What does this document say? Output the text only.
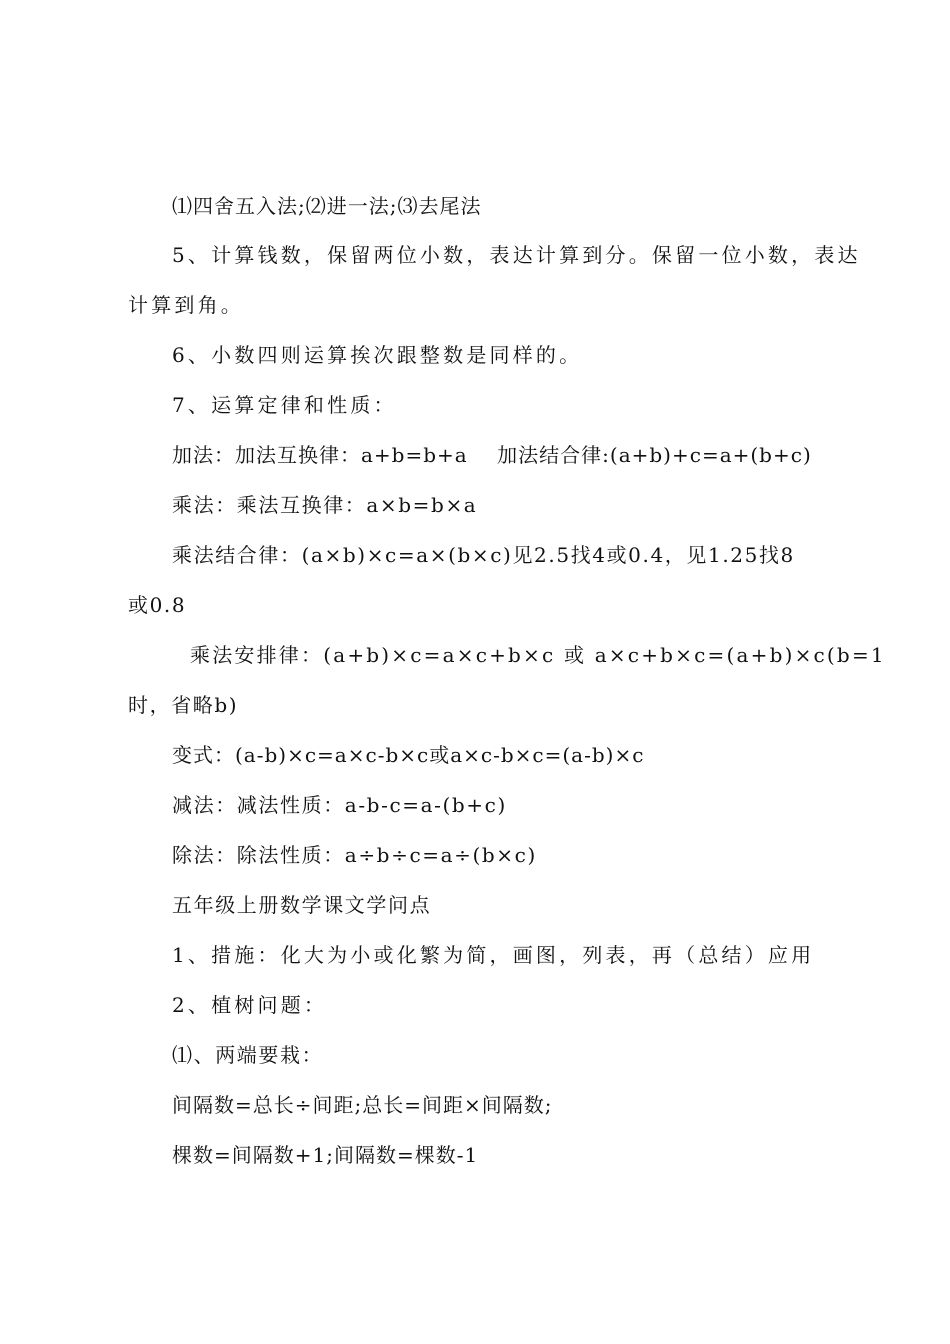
⑴四舍五入法;⑵进一法;⑶去尾法
5、计算钱数，保留两位小数，表达计算到分。保留一位小数，表达
计算到角。
6、小数四则运算挨次跟整数是同样的。
7、运算定律和性质：
加法：加法互换律：a+b=b+a    加法结合律:(a+b)+c=a+(b+c)
乘法：乘法互换律：a×b=b×a
乘法结合律：(a×b)×c=a×(b×c)见2.5找4或0.4，见1.25找8
或0.8
乘法安排律：(a+b)×c=a×c+b×c 或 a×c+b×c=(a+b)×c(b=1
时，省略b)
变式：(a-b)×c=a×c-b×c或a×c-b×c=(a-b)×c
减法：减法性质：a-b-c=a-(b+c)
除法：除法性质：a÷b÷c=a÷(b×c)
五年级上册数学课文学问点
1、措施：化大为小或化繁为简，画图，列表，再（总结）应用
2、植树问题：
⑴、两端要栽：
间隔数=总长÷间距;总长=间距×间隔数;
棵数=间隔数+1;间隔数=棵数-1
